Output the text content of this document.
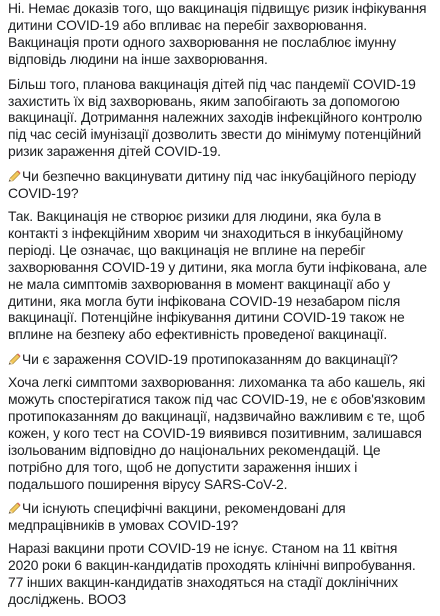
Ні. Немає доказів того, що вакцинація підвищує ризик інфікування дитини COVID-19 або впливає на перебіг захворювання. Вакцинація проти одного захворювання не послаблює імунну відповідь людини на інше захворювання.

Більш того, планова вакцинація дітей під час пандемії COVID-19 захистить їх від захворювань, яким запобігають за допомогою вакцинації. Дотримання належних заходів інфекційного контролю під час сесій імунізації дозволить звести до мінімуму потенційний ризик зараження дітей COVID-19.

Чи безпечно вакцинувати дитину під час інкубаційного періоду COVID-19?

Так. Вакцинація не створює ризики для людини, яка була в контакті з інфекційним хворим чи знаходиться в інкубаційному періоді. Це означає, що вакцинація не вплине на перебіг захворювання COVID-19 у дитини, яка могла бути інфікована, але не мала симптомів захворювання в момент вакцинації або у дитини, яка могла бути інфікована COVID-19 незабаром після вакцинації. Потенційне інфікування дитини COVID-19 також не вплине на безпеку або ефективність проведеної вакцинації.

Чи є зараження COVID-19 протипоказанням до вакцинації?

Хоча легкі симптоми захворювання: лихоманка та або кашель, які можуть спостерігатися також під час COVID-19, не є обов'язковим протипоказанням до вакцинації, надзвичайно важливим є те, щоб кожен, у кого тест на COVID-19 виявився позитивним, залишався ізольованим відповідно до національних рекомендацій. Це потрібно для того, щоб не допустити зараження інших і подальшого поширення вірусу SARS-CoV-2.

Чи існують специфічні вакцини, рекомендовані для медпрацівників в умовах COVID-19?

Наразі вакцини проти COVID-19 не існує. Станом на 11 квітня 2020 роки 6 вакцин-кандидатів проходять клінічні випробування. 77 інших вакцин-кандидатів знаходяться на стадії доклінічних досліджень. ВООЗ
